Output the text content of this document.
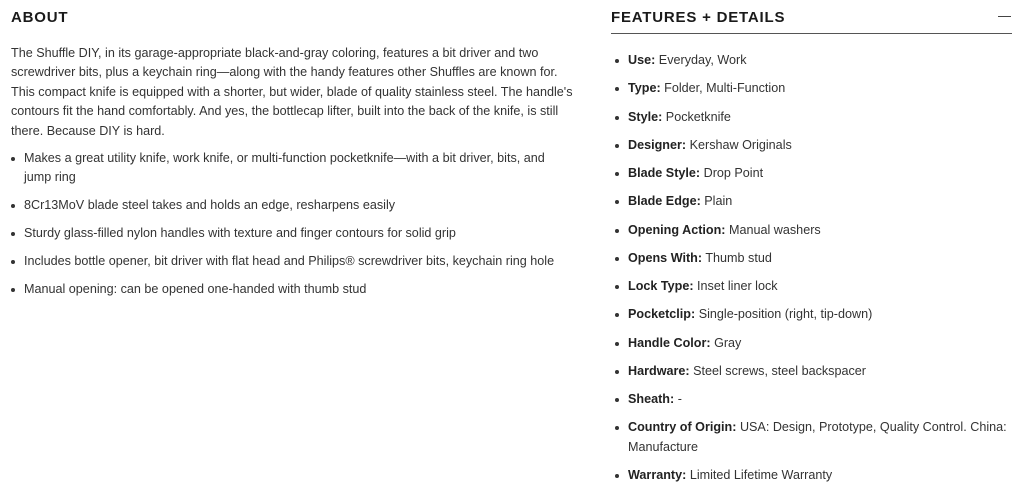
ABOUT

The Shuffle DIY, in its garage-appropriate black-and-gray coloring, features a bit driver and two screwdriver bits, plus a keychain ring—along with the handy features other Shuffles are known for. This compact knife is equipped with a shorter, but wider, blade of quality stainless steel. The handle's contours fit the hand comfortably. And yes, the bottlecap lifter, built into the back of the knife, is still there. Because DIY is hard.

Makes a great utility knife, work knife, or multi-function pocketknife—with a bit driver, bits, and jump ring
8Cr13MoV blade steel takes and holds an edge, resharpens easily
Sturdy glass-filled nylon handles with texture and finger contours for solid grip
Includes bottle opener, bit driver with flat head and Philips® screwdriver bits, keychain ring hole
Manual opening: can be opened one-handed with thumb stud
FEATURES + DETAILS
Use: Everyday, Work
Type: Folder, Multi-Function
Style: Pocketknife
Designer: Kershaw Originals
Blade Style: Drop Point
Blade Edge: Plain
Opening Action: Manual washers
Opens With: Thumb stud
Lock Type: Inset liner lock
Pocketclip: Single-position (right, tip-down)
Handle Color: Gray
Hardware: Steel screws, steel backspacer
Sheath: -
Country of Origin: USA: Design, Prototype, Quality Control. China: Manufacture
Warranty: Limited Lifetime Warranty
